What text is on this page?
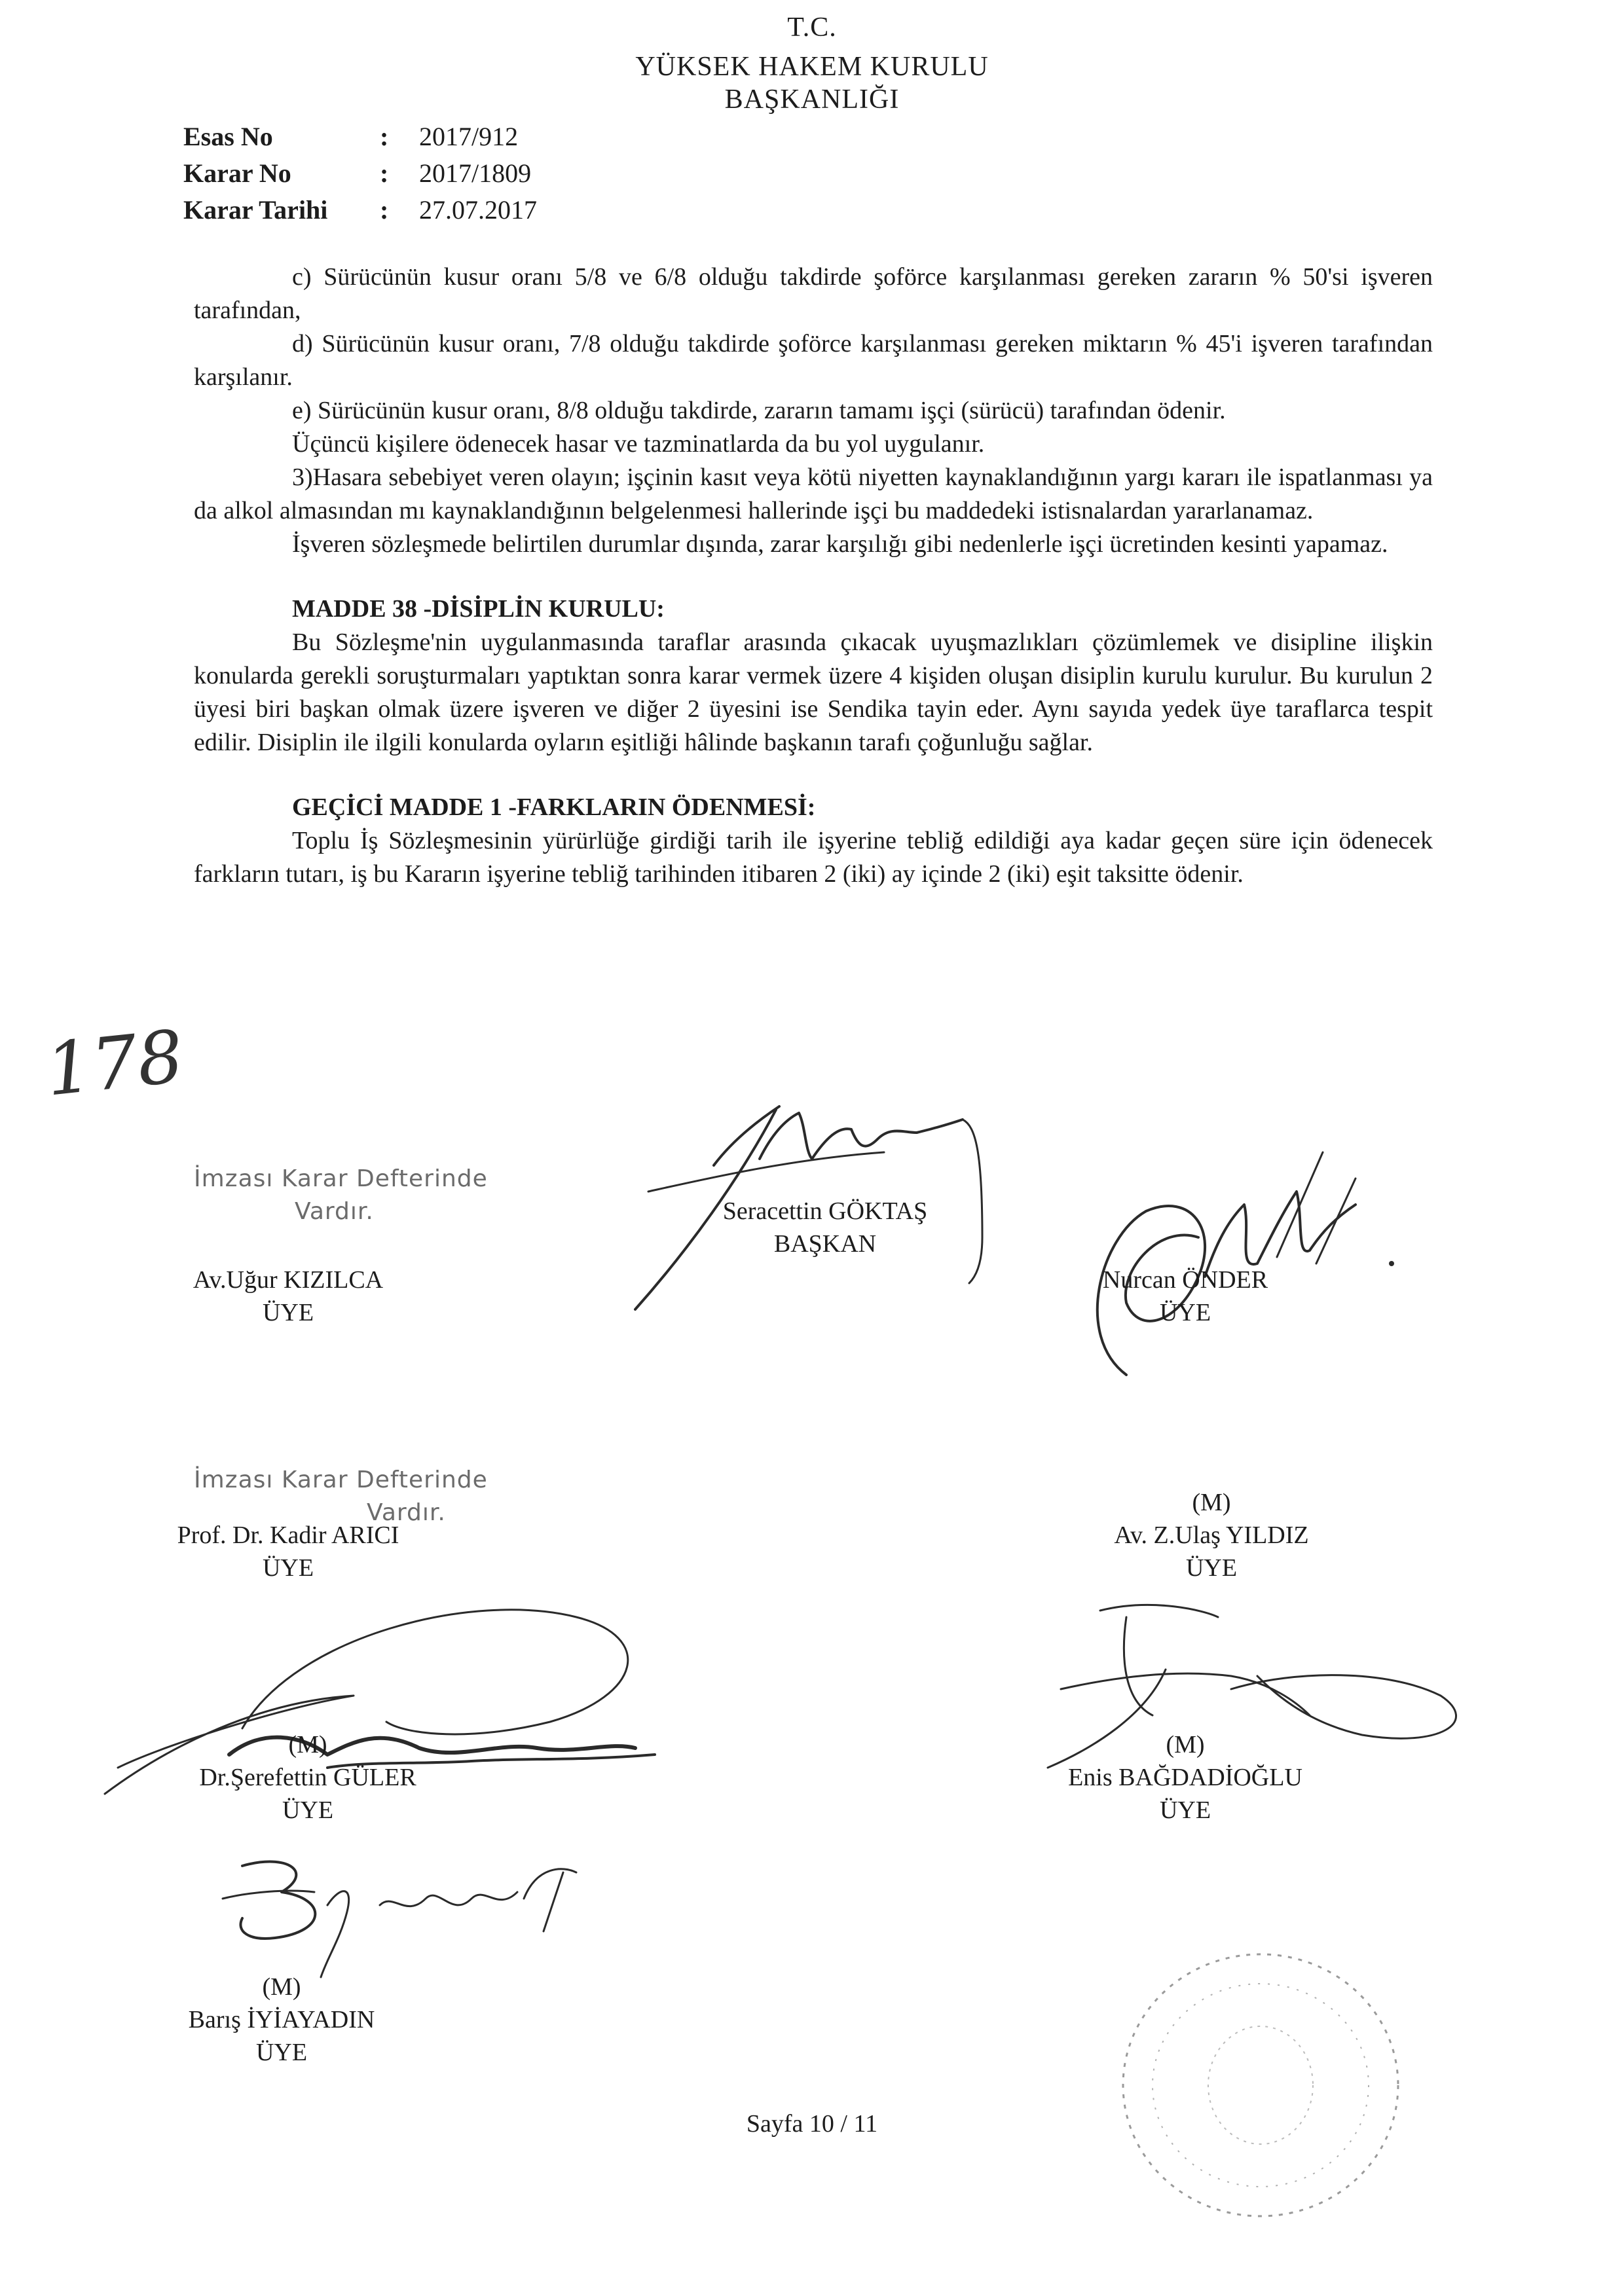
T.C.
YÜKSEK HAKEM KURULU
BAŞKANLIĞI
Esas No	: 2017/912
Karar No	: 2017/1809
Karar Tarihi : 27.07.2017

c) Sürücünün kusur oranı 5/8 ve 6/8 olduğu takdirde şoförce karşılanması gereken zararın % 50'si işveren tarafından,

d) Sürücünün kusur oranı, 7/8 olduğu takdirde şoförce karşılanması gereken miktarın % 45'i işveren tarafından karşılanır.

e) Sürücünün kusur oranı, 8/8 olduğu takdirde, zararın tamamı işçi (sürücü) tarafından ödenir.

Üçüncü kişilere ödenecek hasar ve tazminatlarda da bu yol uygulanır.

3)Hasara sebebiyet veren olayın; işçinin kasıt veya kötü niyetten kaynaklandığının yargı kararı ile ispatlanması ya da alkol almasından mı kaynaklandığının belgelenmesi hallerinde işçi bu maddedeki istisnalardan yararlanamaz.

İşveren sözleşmede belirtilen durumlar dışında, zarar karşılığı gibi nedenlerle işçi ücretinden kesinti yapamaz.

MADDE 38 -DİSİPLİN KURULU:

Bu Sözleşme'nin uygulanmasında taraflar arasında çıkacak uyuşmazlıkları çözümlemek ve disipline ilişkin konularda gerekli soruşturmaları yaptıktan sonra karar vermek üzere 4 kişiden oluşan disiplin kurulu kurulur. Bu kurulun 2 üyesi biri başkan olmak üzere işveren ve diğer 2 üyesini ise Sendika tayin eder. Aynı sayıda yedek üye taraflarca tespit edilir. Disiplin ile ilgili konularda oyların eşitliği hâlinde başkanın tarafı çoğunluğu sağlar.

GEÇİCİ MADDE 1 -FARKLARIN ÖDENMESİ:

Toplu İş Sözleşmesinin yürürlüğe girdiği tarih ile işyerine tebliğ edildiği aya kadar geçen süre için ödenecek farkların tutarı, iş bu Kararın işyerine tebliğ tarihinden itibaren 2 (iki) ay içinde 2 (iki) eşit taksitte ödenir.

178
İmzası Karar Defterinde
Vardır.	Seracettin GÖKTAŞ
BAŞKAN
Av.Uğur KIZILCA
ÜYE
Nurcan ÖNDER
ÜYE
İmzası Karar Defterinde
Vardır.
Prof. Dr. Kadir ARICI
ÜYE
(M)
Av. Z.Ulaş YILDIZ
ÜYE
(M)
Dr.Şerefettin GÜLER
ÜYE
(M)
Enis BAĞDADİOĞLU
ÜYE
(M)
Barış İYİAYADIN
ÜYE
Sayfa 10 / 11
